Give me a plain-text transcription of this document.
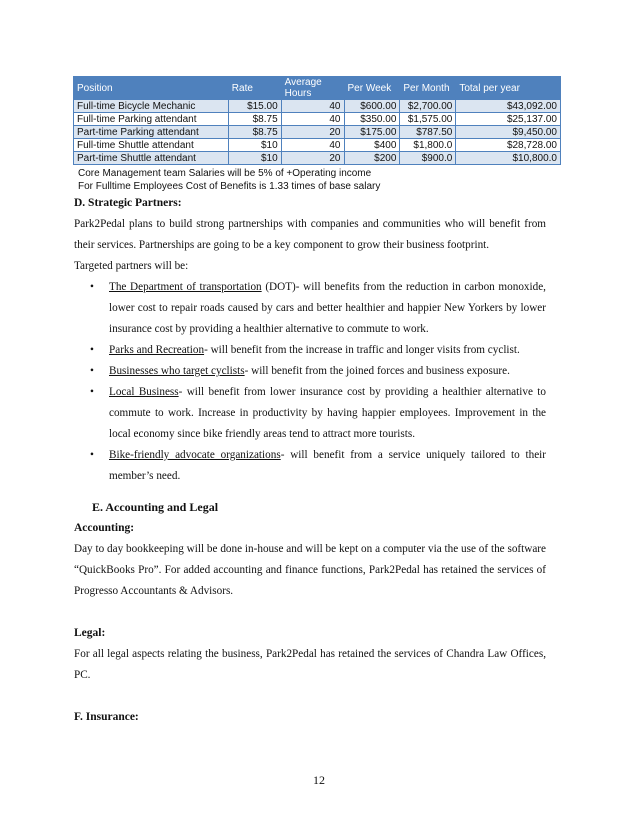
Position	Rate	Average Hours	Per Week	Per Month	Total per year
Full-time Bicycle Mechanic	$15.00	40	$600.00	$2,700.00	$43,092.00
Full-time Parking attendant	$8.75	40	$350.00	$1,575.00	$25,137.00
Part-time Parking attendant	$8.75	20	$175.00	$787.50	$9,450.00
Full-time Shuttle attendant	$10	40	$400	$1,800.0	$28,728.00
Part-time Shuttle attendant	$10	20	$200	$900.0	$10,800.0
Core Management team Salaries will be 5% of +Operating income
For Fulltime Employees Cost of Benefits is 1.33 times of base salary
D. Strategic Partners:

Park2Pedal plans to build strong partnerships with companies and communities who will benefit from their services. Partnerships are going to be a key component to grow their business footprint.

Targeted partners will be:

• The Department of transportation (DOT)- will benefits from the reduction in carbon monoxide, lower cost to repair roads caused by cars and better healthier and happier New Yorkers by lower insurance cost by providing a healthier alternative to commute to work.
• Parks and Recreation- will benefit from the increase in traffic and longer visits from cyclist.
• Businesses who target cyclists- will benefit from the joined forces and business exposure.
• Local Business- will benefit from lower insurance cost by providing a healthier alternative to commute to work. Increase in productivity by having happier employees. Improvement in the local economy since bike friendly areas tend to attract more tourists.
• Bike-friendly advocate organizations- will benefit from a service uniquely tailored to their member’s need.
E. Accounting and Legal
Accounting:

Day to day bookkeeping will be done in-house and will be kept on a computer via the use of the software “QuickBooks Pro”. For added accounting and finance functions, Park2Pedal has retained the services of Progresso Accountants & Advisors.

Legal:

For all legal aspects relating the business, Park2Pedal has retained the services of Chandra Law Offices, PC.

F. Insurance:
12
